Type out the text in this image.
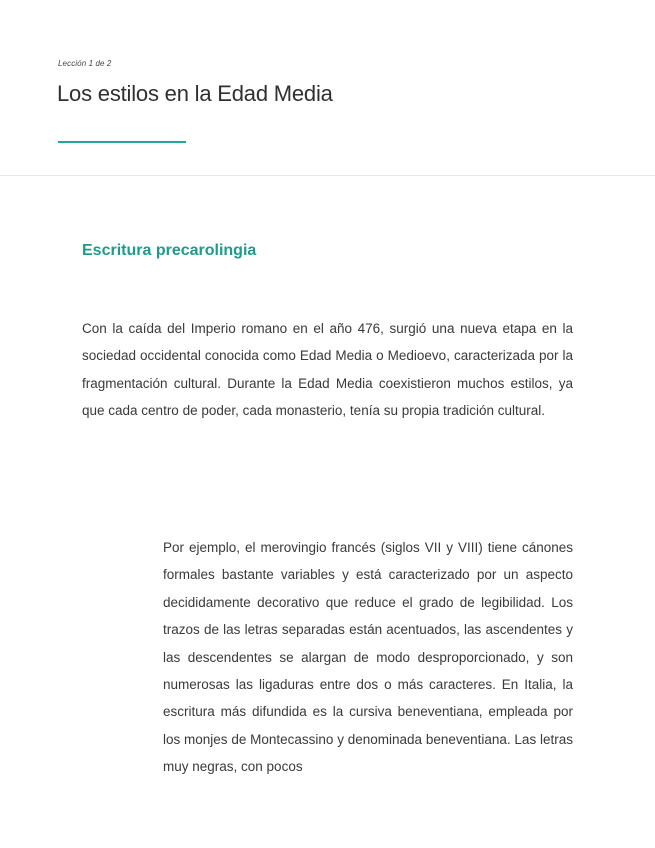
Lección 1 de 2
Los estilos en la Edad Media
Escritura precarolingia

Con la caída del Imperio romano en el año 476, surgió una nueva etapa en la sociedad occidental conocida como Edad Media o Medioevo, caracterizada por la fragmentación cultural. Durante la Edad Media coexistieron muchos estilos, ya que cada centro de poder, cada monasterio, tenía su propia tradición cultural.

Por ejemplo, el merovingio francés (siglos VII y VIII) tiene cánones formales bastante variables y está caracterizado por un aspecto decididamente decorativo que reduce el grado de legibilidad. Los trazos de las letras separadas están acentuados, las ascendentes y las descendentes se alargan de modo desproporcionado, y son numerosas las ligaduras entre dos o más caracteres. En Italia, la escritura más difundida es la cursiva beneventiana, empleada por los monjes de Montecassino y denominada beneventiana. Las letras muy negras, con pocos
